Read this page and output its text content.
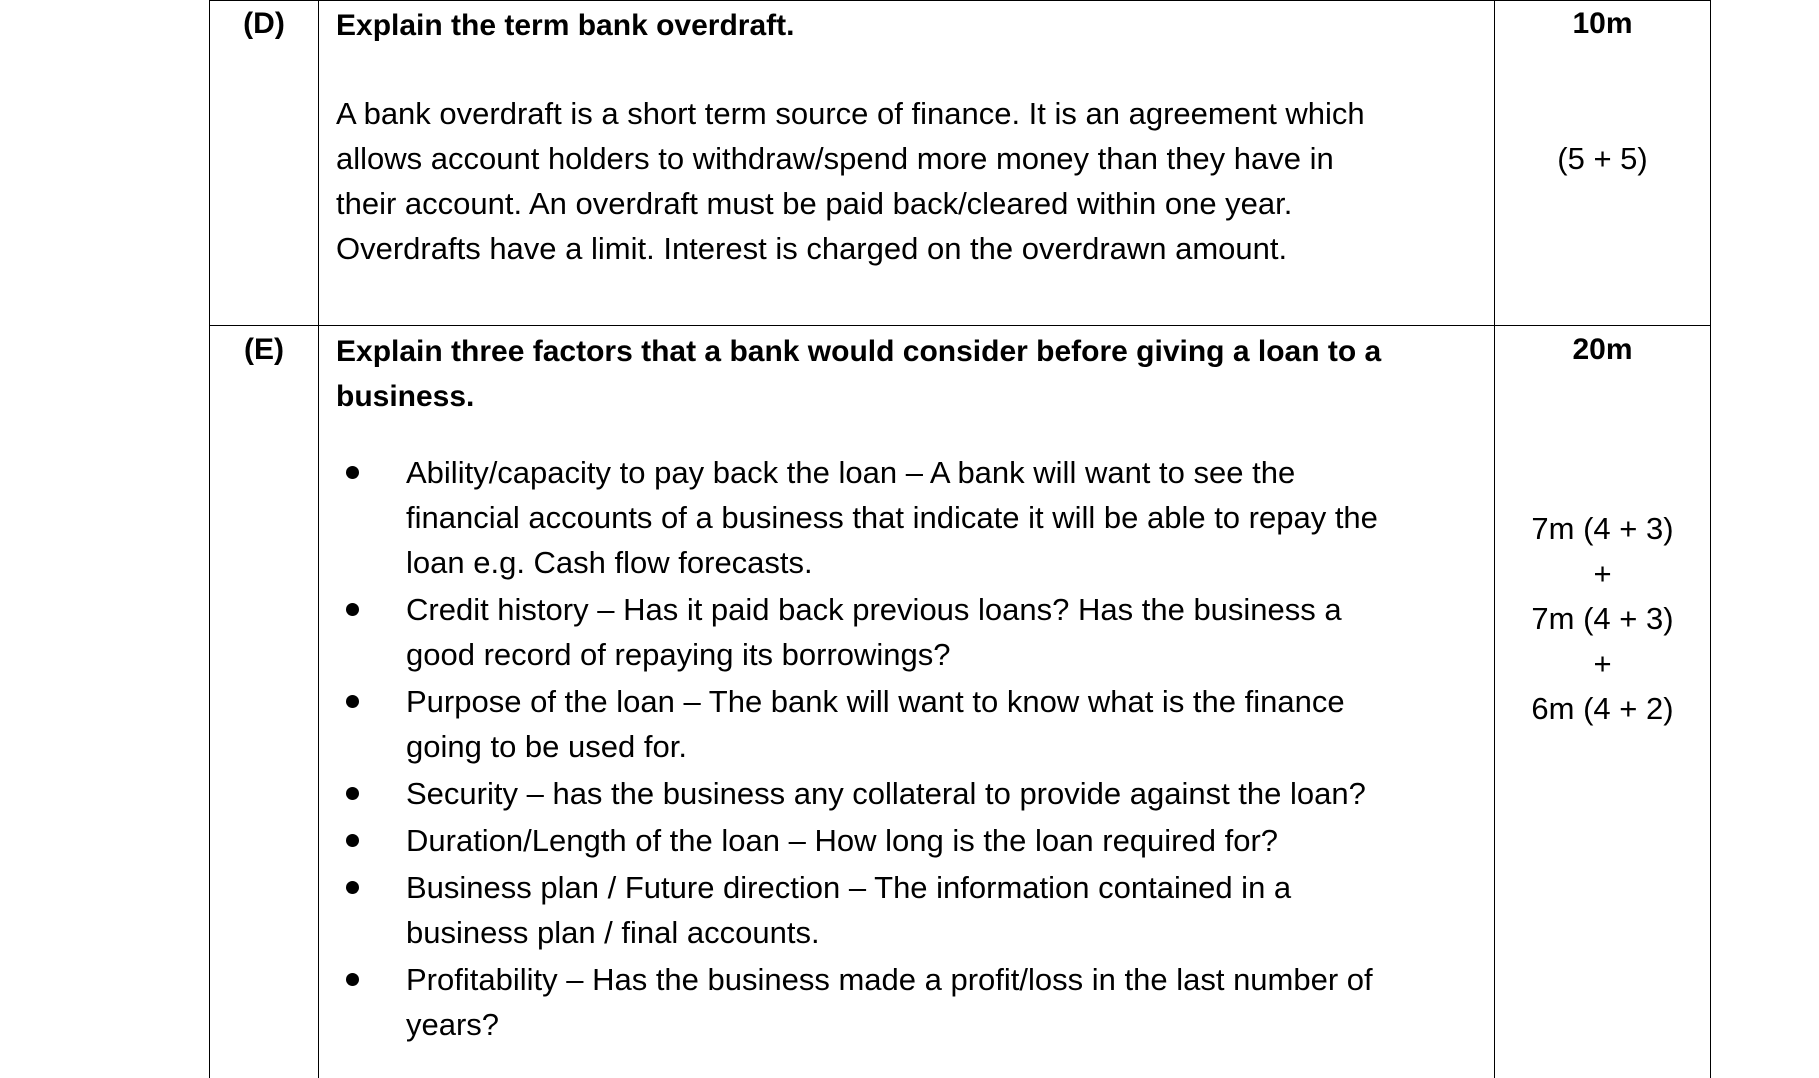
(D)	Explain the term bank overdraft.
A bank overdraft is a short term source of finance. It is an agreement which
allows account holders to withdraw/spend more money than they have in
their account. An overdraft must be paid back/cleared within one year.
Overdrafts have a limit. Interest is charged on the overdrawn amount.
10m
(5 + 5)
(E)	Explain three factors that a bank would consider before giving a loan to a
business.
Ability/capacity to pay back the loan – A bank will want to see the
financial accounts of a business that indicate it will be able to repay the
loan e.g. Cash flow forecasts.
Credit history – Has it paid back previous loans? Has the business a
good record of repaying its borrowings?
Purpose of the loan – The bank will want to know what is the finance
going to be used for.
Security – has the business any collateral to provide against the loan?
Duration/Length of the loan – How long is the loan required for?
Business plan / Future direction – The information contained in a
business plan / final accounts.
Profitability – Has the business made a profit/loss in the last number of
years?
20m
7m (4 + 3)
+
7m (4 + 3)
+
6m (4 + 2)
